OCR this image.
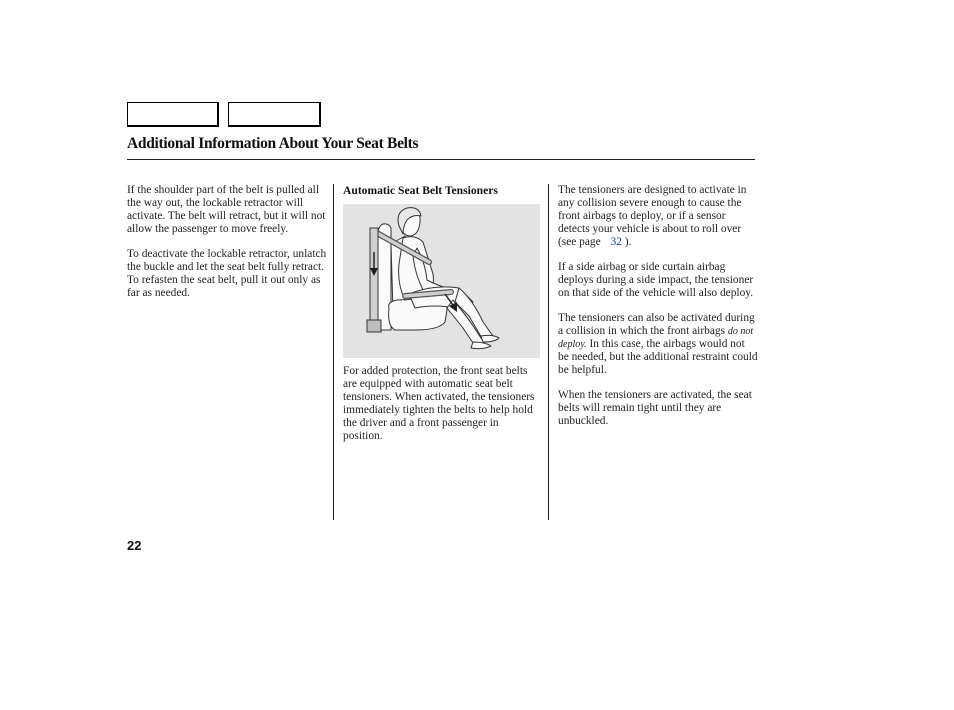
Additional Information About Your Seat Belts

If the shoulder part of the belt is pulled all the way out, the lockable retractor will activate. The belt will retract, but it will not allow the passenger to move freely.

To deactivate the lockable retractor, unlatch the buckle and let the seat belt fully retract. To refasten the seat belt, pull it out only as far as needed.

Automatic Seat Belt Tensioners

For added protection, the front seat belts are equipped with automatic seat belt tensioners. When activated, the tensioners immediately tighten the belts to help hold the driver and a front passenger in position.

The tensioners are designed to activate in any collision severe enough to cause the front airbags to deploy, or if a sensor detects your vehicle is about to roll over (see page 32 ).

If a side airbag or side curtain airbag deploys during a side impact, the tensioner on that side of the vehicle will also deploy.

The tensioners can also be activated during a collision in which the front airbags do not deploy. In this case, the airbags would not be needed, but the additional restraint could be helpful.

When the tensioners are activated, the seat belts will remain tight until they are unbuckled.

22
